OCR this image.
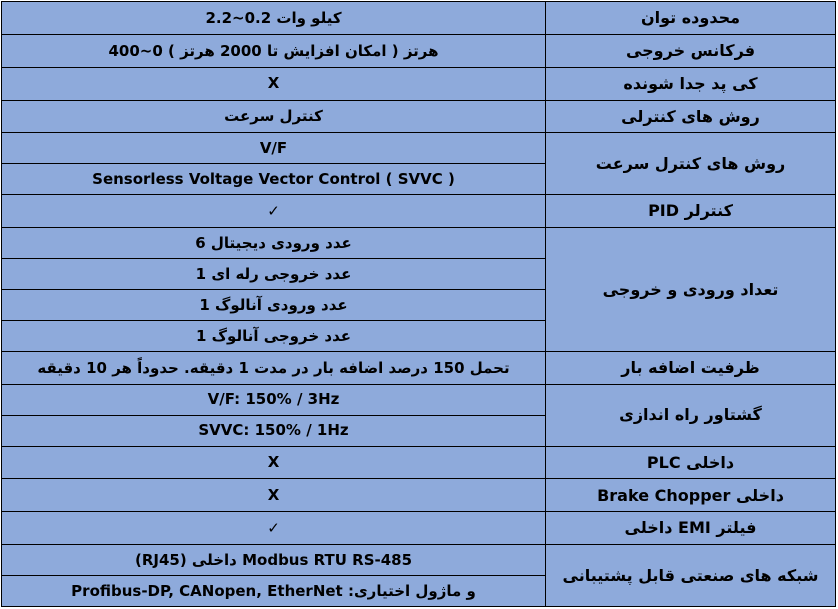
محدوده توان	کیلو وات 0.2~2.2
فرکانس خروجی	هرتز ( امکان افزایش تا 2000 هرتز ) 0~400
کی پد جدا شونده	X
روش های کنترلی	کنترل سرعت
روش های کنترل سرعت	V/F
	Sensorless Voltage Vector Control ( SVVC )
کنترلر PID	✓
تعداد ورودی و خروجی	عدد ورودی دیجیتال 6
	عدد خروجی رله ای 1
	عدد ورودی آنالوگ 1
	عدد خروجی آنالوگ 1
ظرفیت اضافه بار	تحمل 150 درصد اضافه بار در مدت 1 دقیقه. حدوداً هر 10 دقیقه
گشتاور راه اندازی	V/F: 150% / 3Hz
	SVVC: 150% / 1Hz
داخلی PLC	X
داخلی Brake Chopper	X
فیلتر EMI داخلی	✓
شبکه های صنعتی قابل پشتیبانی	Modbus RTU RS-485 داخلی (RJ45)
	و ماژول اختیاری: Profibus-DP, CANopen, EtherNet
